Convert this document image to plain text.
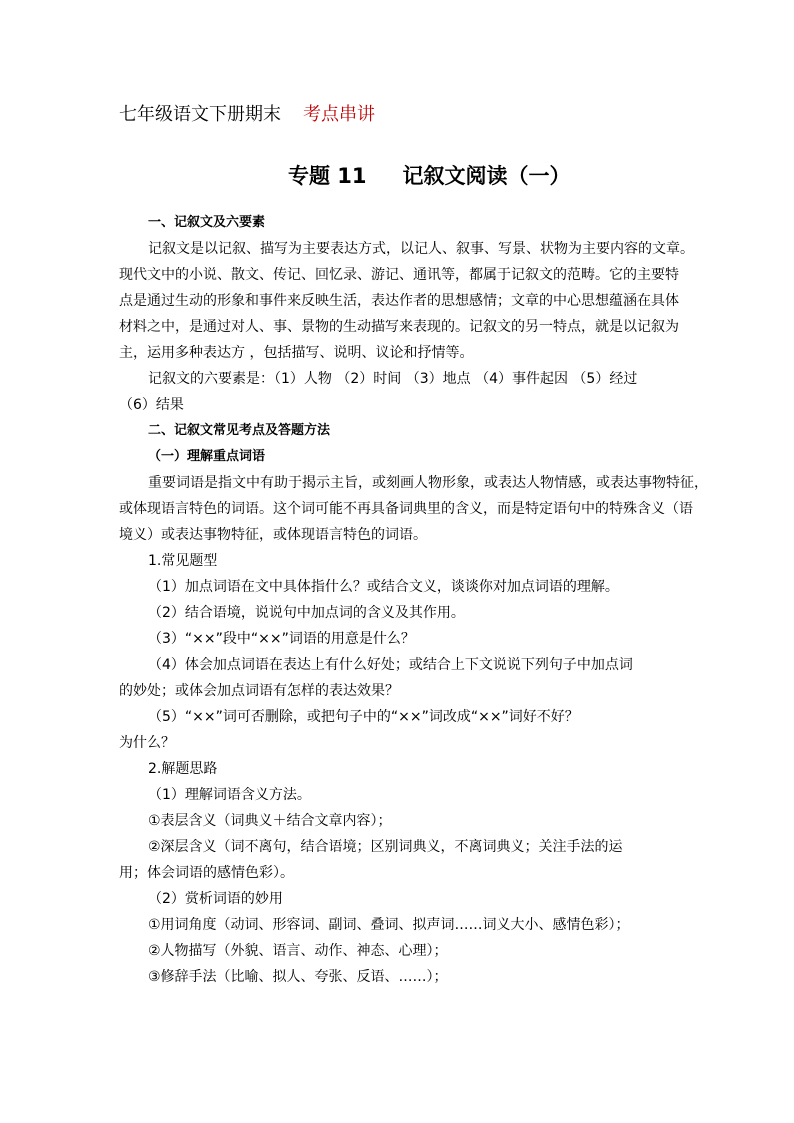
七年级语文下册期末 考点串讲
专题 11 记叙文阅读（一）
一、记叙文及六要素
记叙文是以记叙、描写为主要表达方式，以记人、叙事、写景、状物为主要内容的文章。
现代文中的小说、散文、传记、回忆录、游记、通讯等，都属于记叙文的范畴。它的主要特
点是通过生动的形象和事件来反映生活，表达作者的思想感情；文章的中心思想蕴涵在具体
材料之中，是通过对人、事、景物的生动描写来表现的。记叙文的另一特点，就是以记叙为
主，运用多种表达方 ，包括描写、说明、议论和抒情等。
记叙文的六要素是：（1）人物 （2）时间 （3）地点 （4）事件起因 （5）经过
（6）结果
二、记叙文常见考点及答题方法
（一）理解重点词语
重要词语是指文中有助于揭示主旨，或刻画人物形象，或表达人物情感，或表达事物特征，
或体现语言特色的词语。这个词可能不再具备词典里的含义，而是特定语句中的特殊含义（语
境义）或表达事物特征，或体现语言特色的词语。
1.常见题型
（1）加点词语在文中具体指什么？或结合文义，谈谈你对加点词语的理解。
（2）结合语境，说说句中加点词的含义及其作用。
（3）“××”段中“××”词语的用意是什么？
（4）体会加点词语在表达上有什么好处；或结合上下文说说下列句子中加点词
的妙处；或体会加点词语有怎样的表达效果？
（5）“××”词可否删除，或把句子中的“××”词改成“××”词好不好？
为什么？
2.解题思路
（1）理解词语含义方法。
①表层含义（词典义＋结合文章内容）；
②深层含义（词不离句，结合语境；区别词典义，不离词典义；关注手法的运
用；体会词语的感情色彩）。
（2）赏析词语的妙用
①用词角度（动词、形容词、副词、叠词、拟声词……词义大小、感情色彩）；
②人物描写（外貌、语言、动作、神态、心理）；
③修辞手法（比喻、拟人、夸张、反语、……）；
